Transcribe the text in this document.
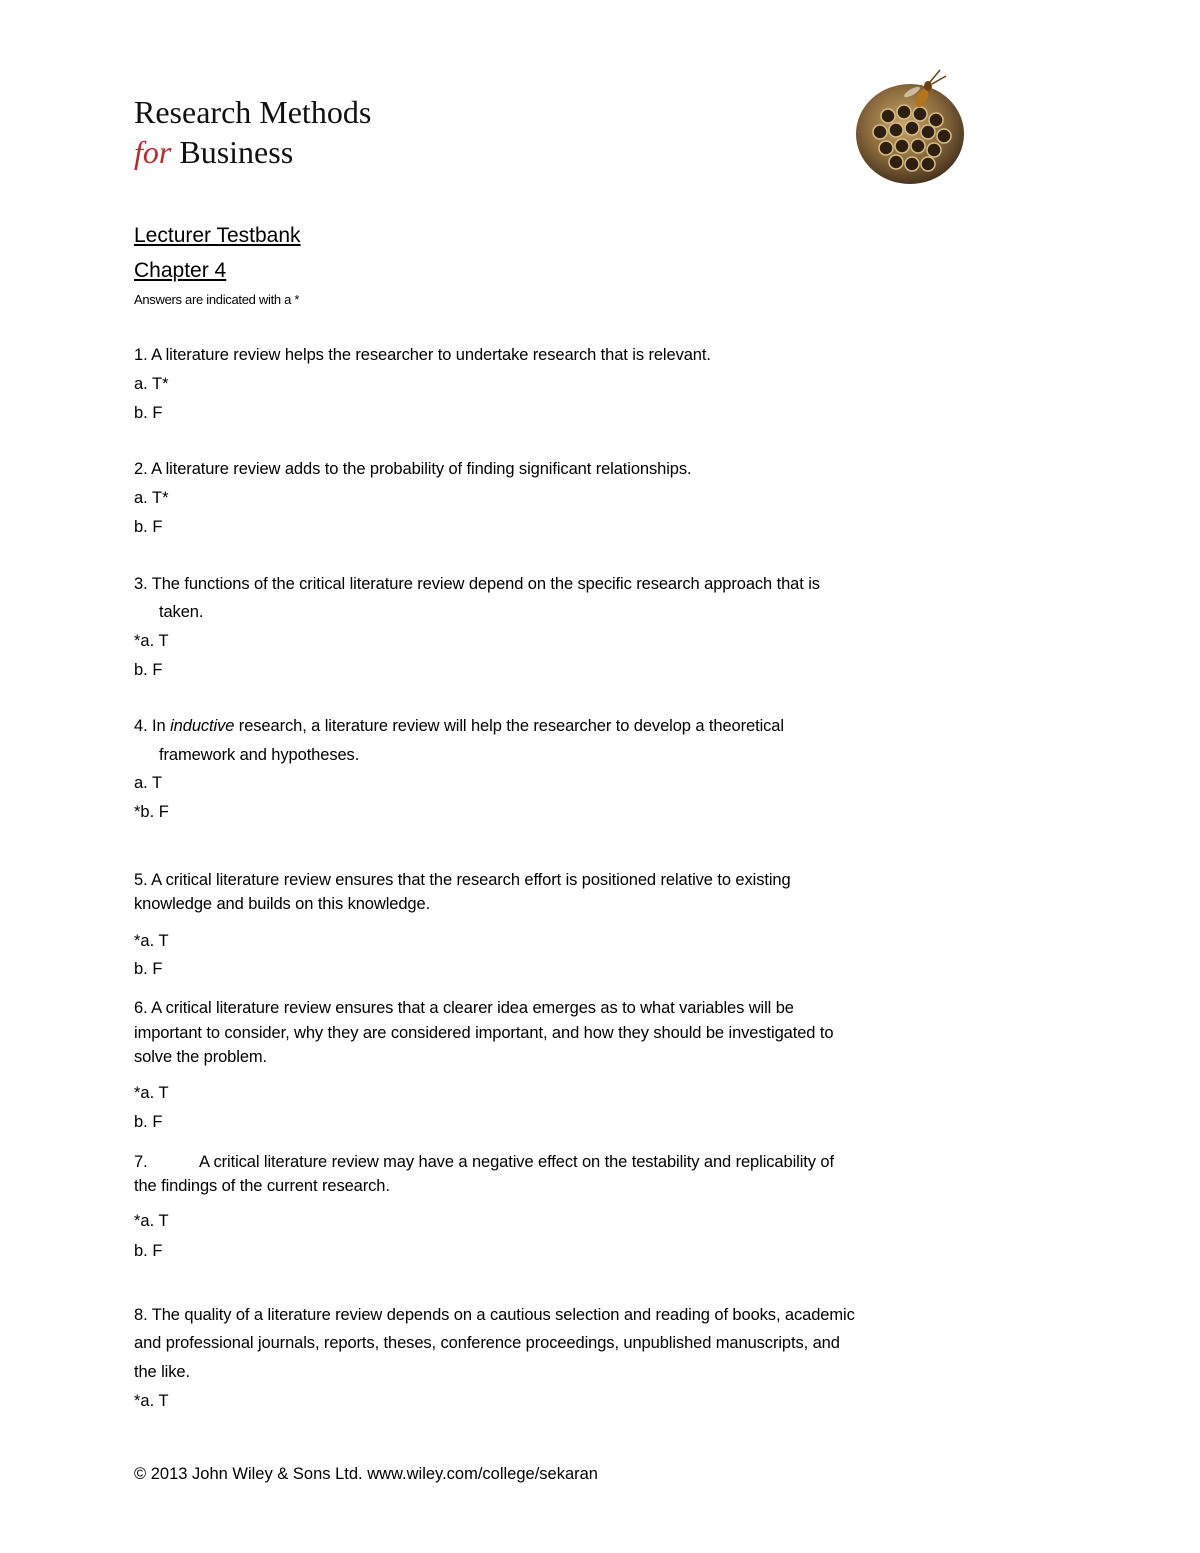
Research Methods
for Business
Lecturer Testbank
Chapter 4
Answers are indicated with a *
1. A literature review helps the researcher to undertake research that is relevant.
a. T*
b. F
2. A literature review adds to the probability of finding significant relationships.
a. T*
b. F
3. The functions of the critical literature review depend on the specific research approach that is
taken.
*a. T
b. F
4. In inductive research, a literature review will help the researcher to develop a theoretical
framework and hypotheses.
a. T
*b. F
5. A critical literature review ensures that the research effort is positioned relative to existing
knowledge and builds on this knowledge.
*a. T
b. F
6. A critical literature review ensures that a clearer idea emerges as to what variables will be
important to consider, why they are considered important, and how they should be investigated to
solve the problem.
*a. T
b. F
7.	A critical literature review may have a negative effect on the testability and replicability of
the findings of the current research.
*a. T
b. F
8. The quality of a literature review depends on a cautious selection and reading of books, academic
and professional journals, reports, theses, conference proceedings, unpublished manuscripts, and
the like.
*a. T
© 2013 John Wiley & Sons Ltd. www.wiley.com/college/sekaran
